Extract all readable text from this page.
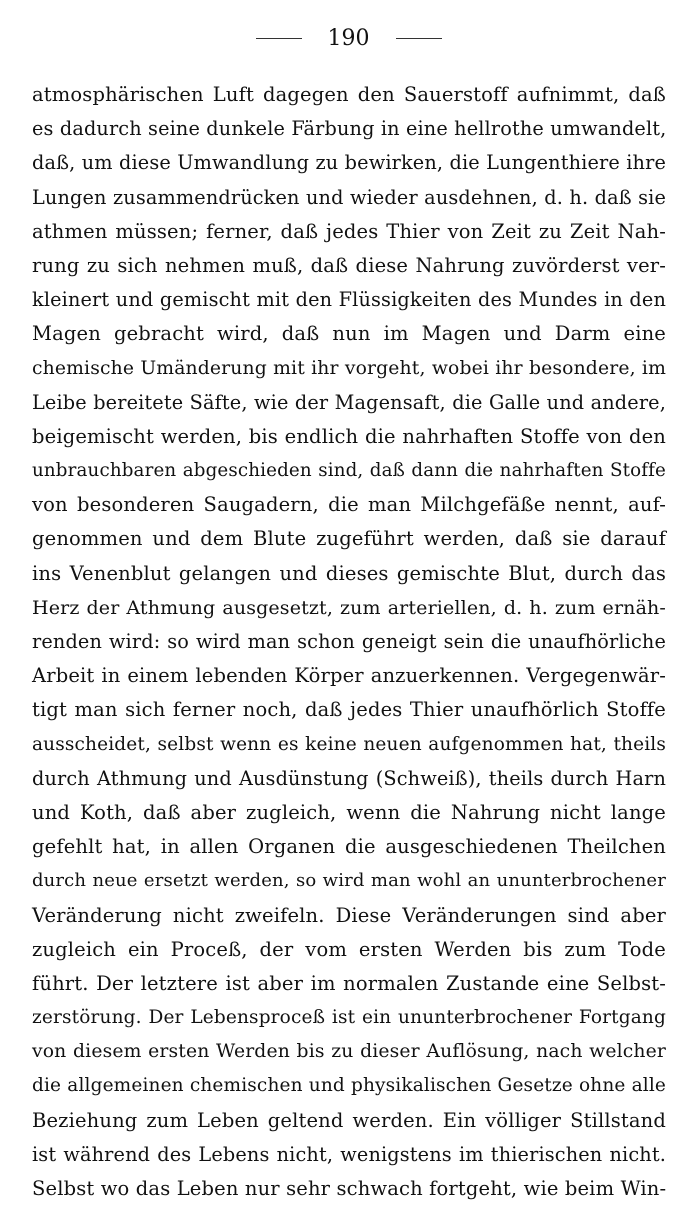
190
atmosphärischen Luft dagegen den Sauerstoff aufnimmt, daß
es dadurch seine dunkele Färbung in eine hellrothe umwandelt,
daß, um diese Umwandlung zu bewirken, die Lungenthiere ihre
Lungen zusammendrücken und wieder ausdehnen, d. h. daß sie
athmen müssen; ferner, daß jedes Thier von Zeit zu Zeit Nah-
rung zu sich nehmen muß, daß diese Nahrung zuvörderst ver-
kleinert und gemischt mit den Flüssigkeiten des Mundes in den
Magen gebracht wird, daß nun im Magen und Darm eine
chemische Umänderung mit ihr vorgeht, wobei ihr besondere, im
Leibe bereitete Säfte, wie der Magensaft, die Galle und andere,
beigemischt werden, bis endlich die nahrhaften Stoffe von den
unbrauchbaren abgeschieden sind, daß dann die nahrhaften Stoffe
von besonderen Saugadern, die man Milchgefäße nennt, auf-
genommen und dem Blute zugeführt werden, daß sie darauf
ins Venenblut gelangen und dieses gemischte Blut, durch das
Herz der Athmung ausgesetzt, zum arteriellen, d. h. zum ernäh-
renden wird: so wird man schon geneigt sein die unaufhörliche
Arbeit in einem lebenden Körper anzuerkennen. Vergegenwär-
tigt man sich ferner noch, daß jedes Thier unaufhörlich Stoffe
ausscheidet, selbst wenn es keine neuen aufgenommen hat, theils
durch Athmung und Ausdünstung (Schweiß), theils durch Harn
und Koth, daß aber zugleich, wenn die Nahrung nicht lange
gefehlt hat, in allen Organen die ausgeschiedenen Theilchen
durch neue ersetzt werden, so wird man wohl an ununterbrochener
Veränderung nicht zweifeln. Diese Veränderungen sind aber
zugleich ein Proceß, der vom ersten Werden bis zum Tode
führt. Der letztere ist aber im normalen Zustande eine Selbst-
zerstörung. Der Lebensproceß ist ein ununterbrochener Fortgang
von diesem ersten Werden bis zu dieser Auflösung, nach welcher
die allgemeinen chemischen und physikalischen Gesetze ohne alle
Beziehung zum Leben geltend werden. Ein völliger Stillstand
ist während des Lebens nicht, wenigstens im thierischen nicht.
Selbst wo das Leben nur sehr schwach fortgeht, wie beim Win-
